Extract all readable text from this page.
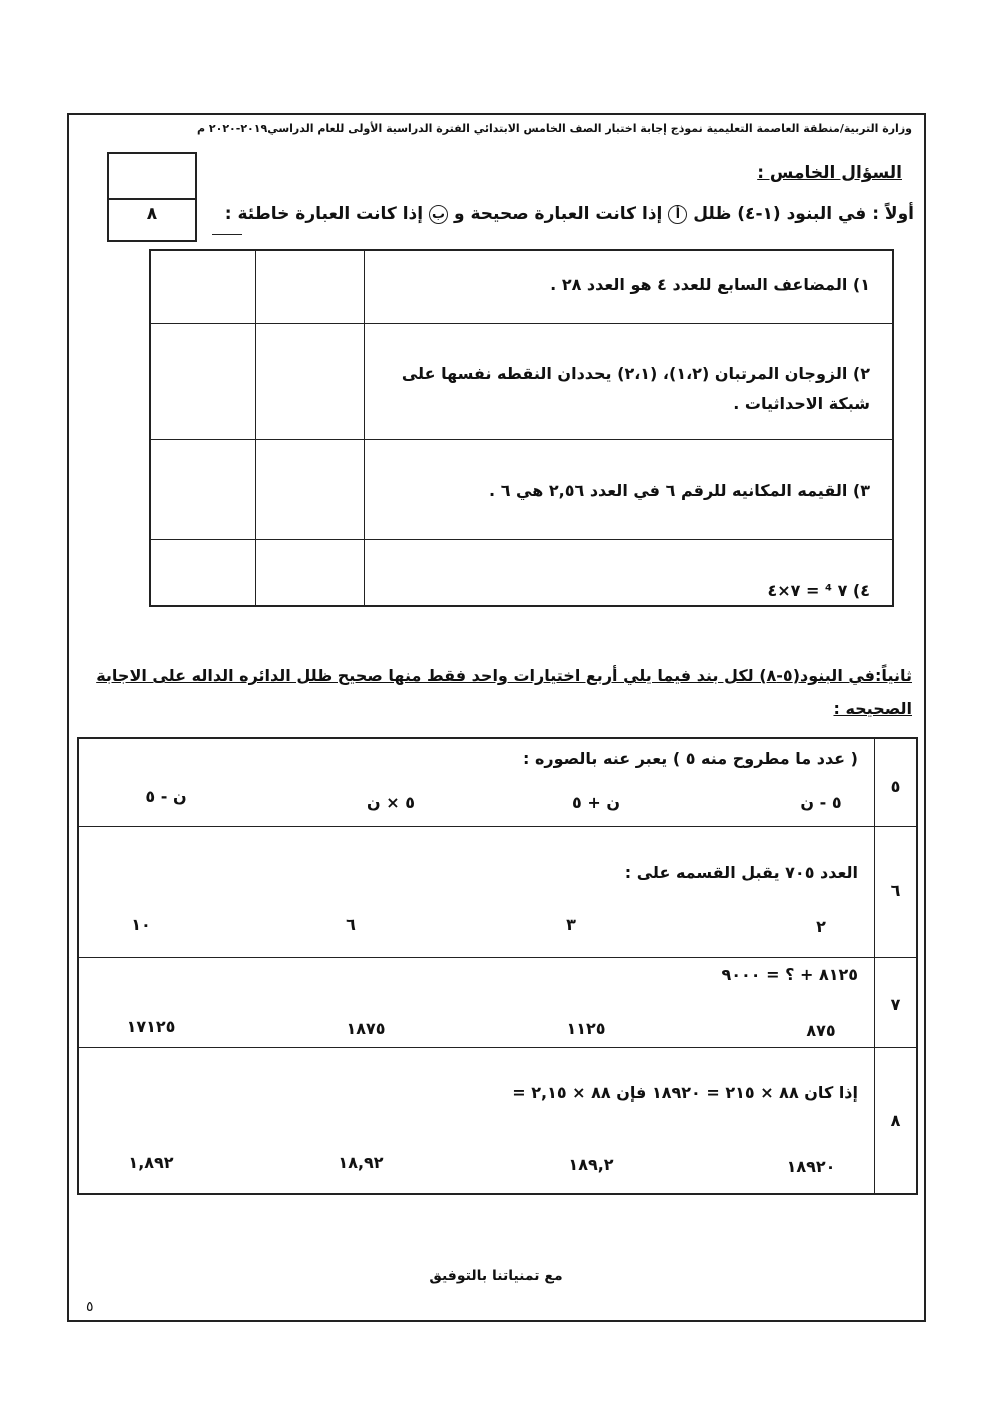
وزارة التربية/منطقة العاصمة التعليمية نموذج إجابة اختبار الصف الخامس الابتدائي الفترة الدراسية الأولى للعام الدراسي٢٠١٩-٢٠٢٠ م
٨
السؤال الخامس :
أولاً : في البنود (١-٤) ظلل أ إذا كانت العبارة صحيحة و ب إذا كانت العبارة خاطئة :
١) المضاعف السابع للعدد ٤ هو العدد ٢٨ .
٢) الزوجان المرتبان (١،٢)، (٢،١) يحددان النقطه نفسها على شبكة الاحداثيات .
٣) القيمه المكانيه للرقم ٦ في العدد ٢,٥٦ هي ٦ .
٤) ٧ ⁴ = ٧×٤
ثانياً:في البنود(٥-٨) لكل بند فيما يلي أربع اختيارات واحد فقط منها صحيح ظلل الدائره الداله على الاجابة الصحيحه :
٥
( عدد ما مطروح منه ٥ ) يعبر عنه بالصوره :
٥ - ن
ن + ٥
٥ × ن
ن - ٥
٦
العدد ٧٠٥ يقبل القسمه على :
٢
٣
٦
١٠
٧
٨١٢٥ + ؟ = ٩٠٠٠
٨٧٥
١١٢٥
١٨٧٥
١٧١٢٥
٨
إذا كان ٨٨ × ٢١٥ = ١٨٩٢٠ فإن ٨٨ × ٢,١٥ =
١٨٩٢٠
١٨٩,٢
١٨,٩٢
١,٨٩٢
مع تمنياتنا بالتوفيق
٥
